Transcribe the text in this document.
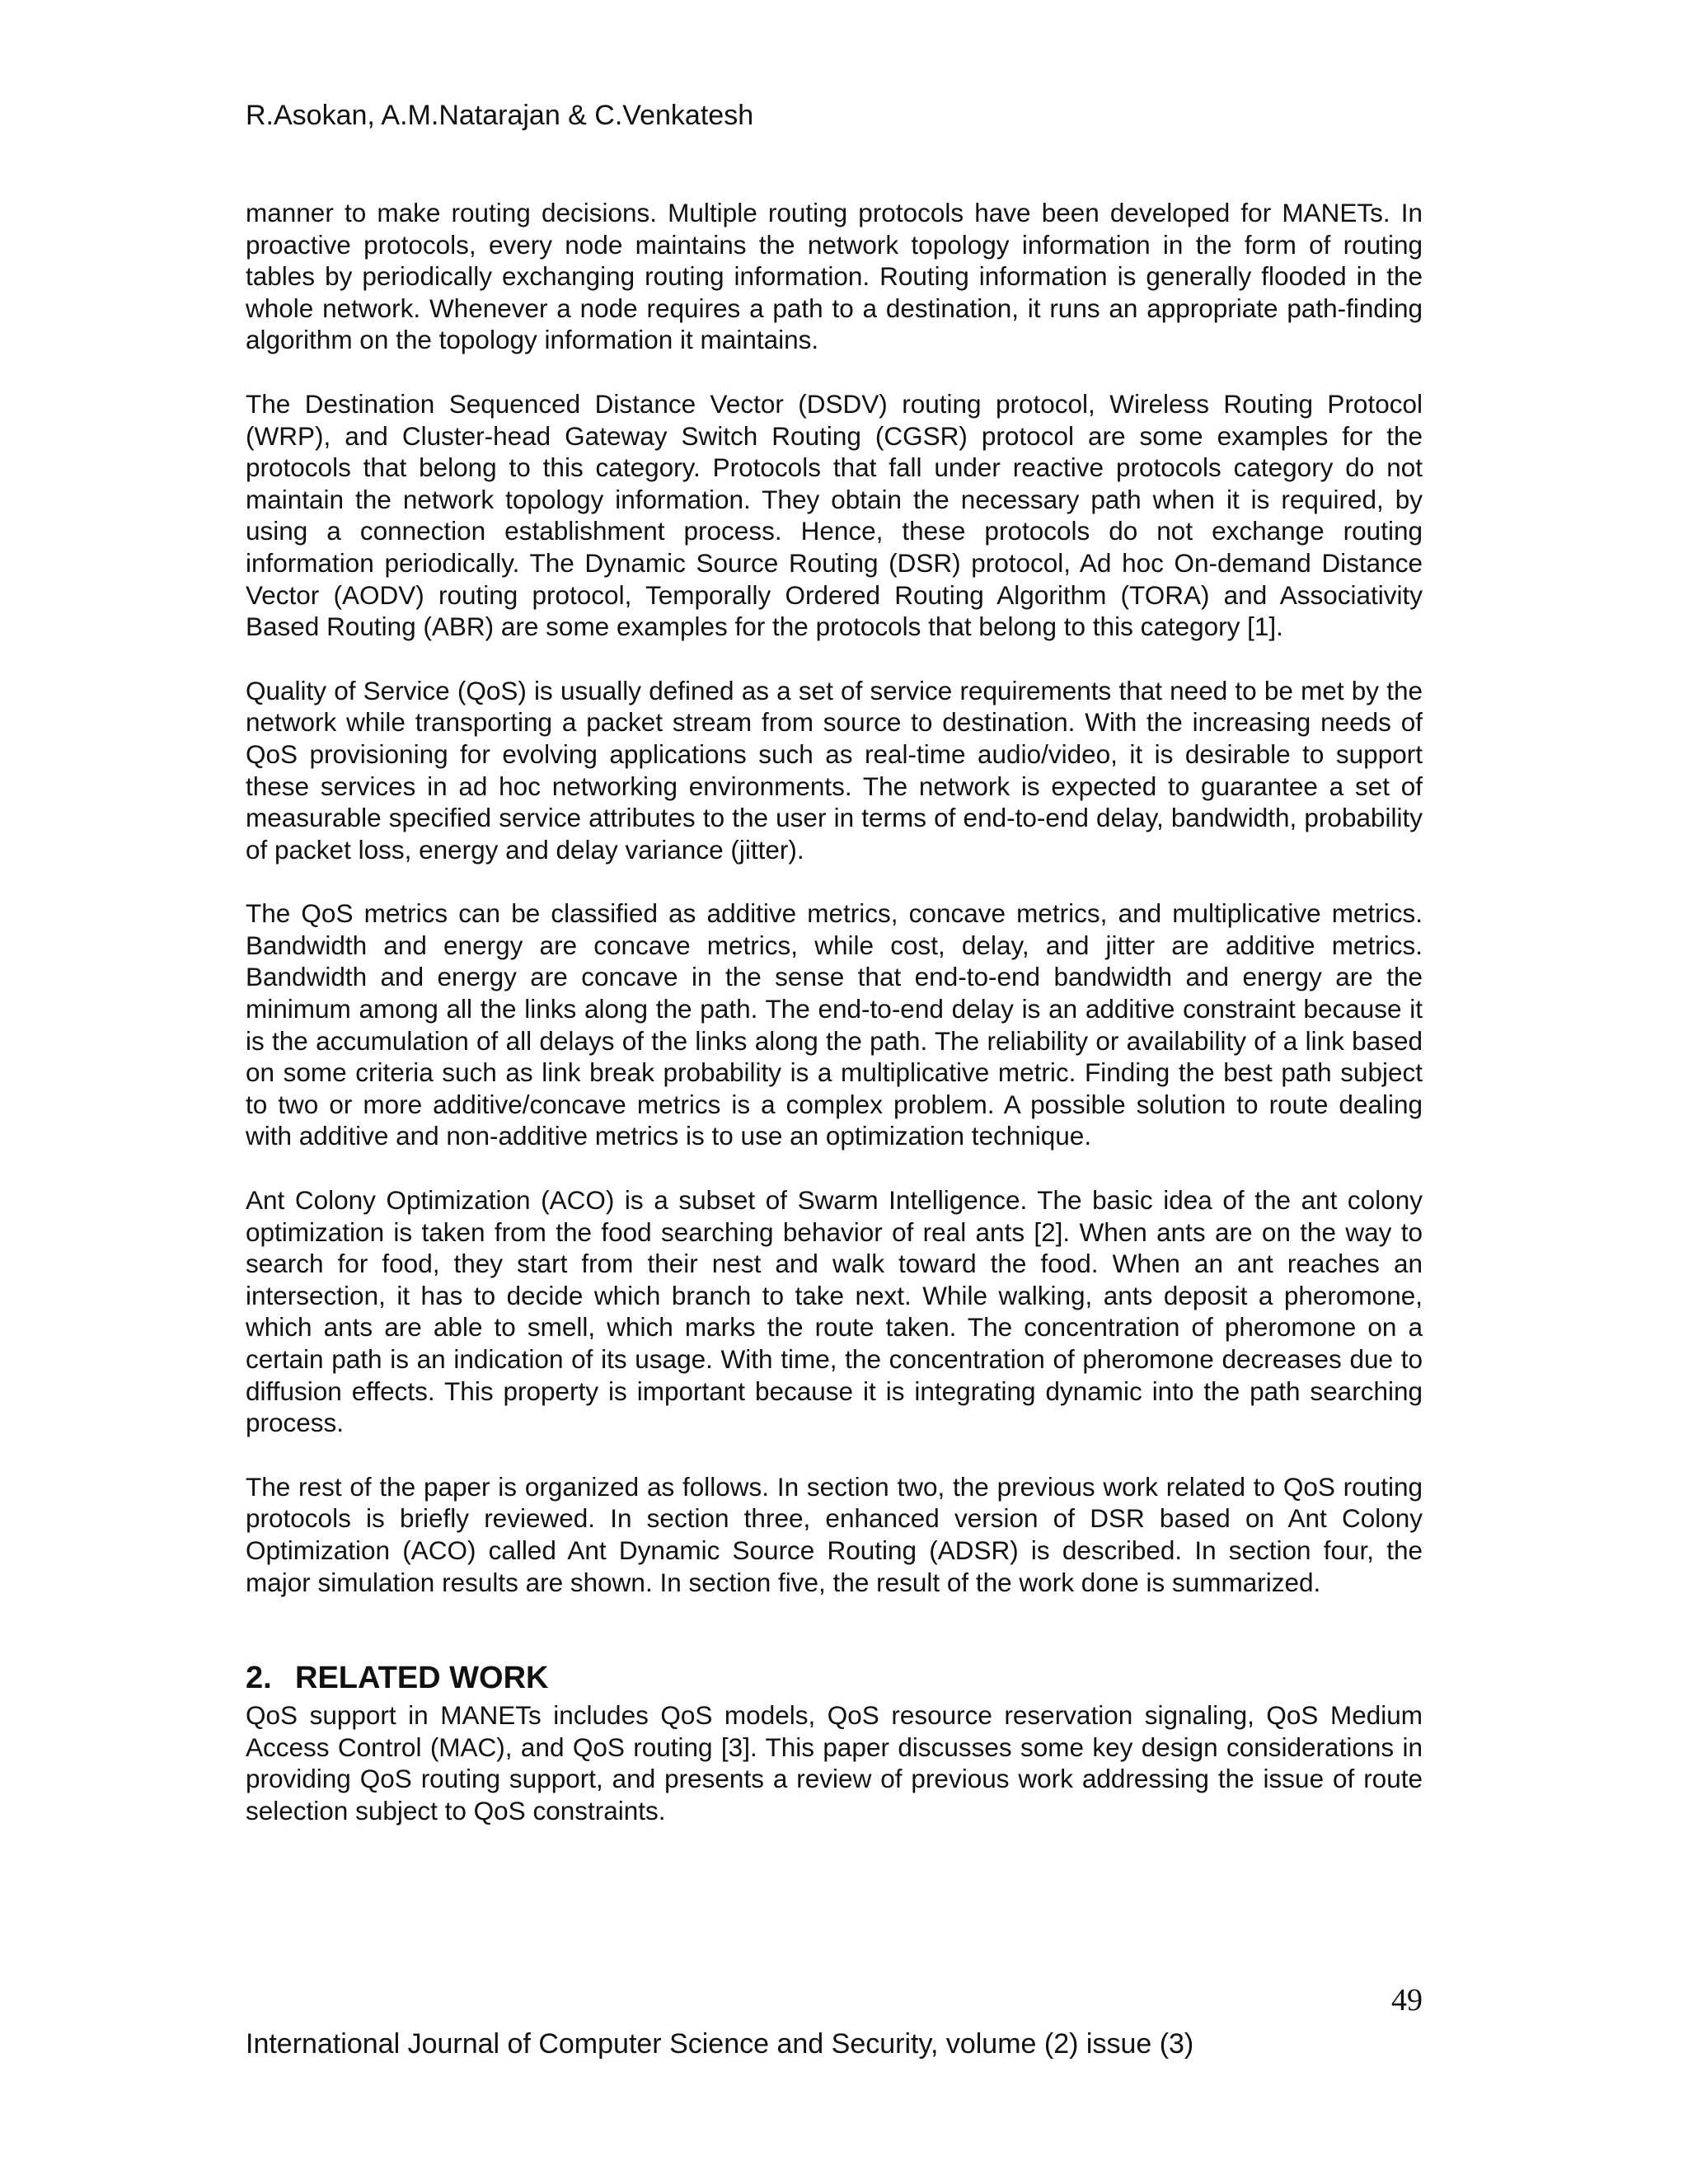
R.Asokan, A.M.Natarajan & C.Venkatesh

manner to make routing decisions. Multiple routing protocols have been developed for MANETs. In proactive protocols, every node maintains the network topology information in the form of routing tables by periodically exchanging routing information. Routing information is generally flooded in the whole network. Whenever a node requires a path to a destination, it runs an appropriate path-finding algorithm on the topology information it maintains.

The Destination Sequenced Distance Vector (DSDV) routing protocol, Wireless Routing Protocol (WRP), and Cluster-head Gateway Switch Routing (CGSR) protocol are some examples for the protocols that belong to this category. Protocols that fall under reactive protocols category do not maintain the network topology information. They obtain the necessary path when it is required, by using a connection establishment process. Hence, these protocols do not exchange routing information periodically. The Dynamic Source Routing (DSR) protocol, Ad hoc On-demand Distance Vector (AODV) routing protocol, Temporally Ordered Routing Algorithm (TORA) and Associativity Based Routing (ABR) are some examples for the protocols that belong to this category [1].

Quality of Service (QoS) is usually defined as a set of service requirements that need to be met by the network while transporting a packet stream from source to destination. With the increasing needs of QoS provisioning for evolving applications such as real-time audio/video, it is desirable to support these services in ad hoc networking environments. The network is expected to guarantee a set of measurable specified service attributes to the user in terms of end-to-end delay, bandwidth, probability of packet loss, energy and delay variance (jitter).

The QoS metrics can be classified as additive metrics, concave metrics, and multiplicative metrics. Bandwidth and energy are concave metrics, while cost, delay, and jitter are additive metrics. Bandwidth and energy are concave in the sense that end-to-end bandwidth and energy are the minimum among all the links along the path. The end-to-end delay is an additive constraint because it is the accumulation of all delays of the links along the path. The reliability or availability of a link based on some criteria such as link break probability is a multiplicative metric. Finding the best path subject to two or more additive/concave metrics is a complex problem. A possible solution to route dealing with additive and non-additive metrics is to use an optimization technique.

Ant Colony Optimization (ACO) is a subset of Swarm Intelligence. The basic idea of the ant colony optimization is taken from the food searching behavior of real ants [2]. When ants are on the way to search for food, they start from their nest and walk toward the food. When an ant reaches an intersection, it has to decide which branch to take next. While walking, ants deposit a pheromone, which ants are able to smell, which marks the route taken. The concentration of pheromone on a certain path is an indication of its usage. With time, the concentration of pheromone decreases due to diffusion effects. This property is important because it is integrating dynamic into the path searching process.

The rest of the paper is organized as follows. In section two, the previous work related to QoS routing protocols is briefly reviewed. In section three, enhanced version of DSR based on Ant Colony Optimization (ACO) called Ant Dynamic Source Routing (ADSR) is described. In section four, the major simulation results are shown. In section five, the result of the work done is summarized.

2. RELATED WORK

QoS support in MANETs includes QoS models, QoS resource reservation signaling, QoS Medium Access Control (MAC), and QoS routing [3]. This paper discusses some key design considerations in providing QoS routing support, and presents a review of previous work addressing the issue of route selection subject to QoS constraints.

49
International Journal of Computer Science and Security, volume (2) issue (3)
